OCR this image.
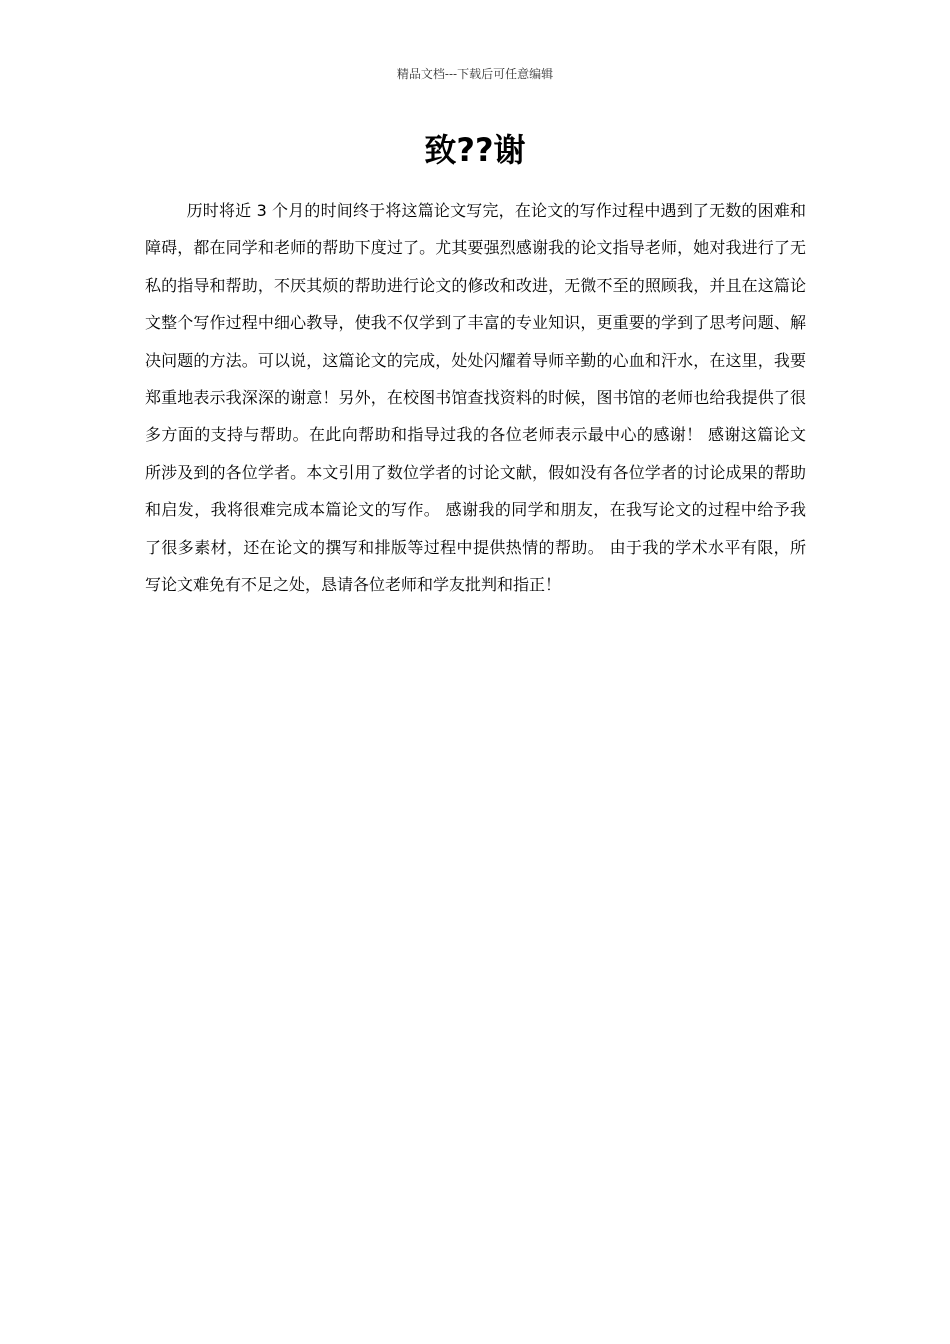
精品文档---下载后可任意编辑
致??谢

历时将近 3 个月的时间终于将这篇论文写完，在论文的写作过程中遇到了无数的困难和障碍，都在同学和老师的帮助下度过了。尤其要强烈感谢我的论文指导老师，她对我进行了无私的指导和帮助，不厌其烦的帮助进行论文的修改和改进，无微不至的照顾我，并且在这篇论文整个写作过程中细心教导，使我不仅学到了丰富的专业知识，更重要的学到了思考问题、解决问题的方法。可以说，这篇论文的完成，处处闪耀着导师辛勤的心血和汗水，在这里，我要郑重地表示我深深的谢意！另外，在校图书馆查找资料的时候，图书馆的老师也给我提供了很多方面的支持与帮助。在此向帮助和指导过我的各位老师表示最中心的感谢！ 感谢这篇论文所涉及到的各位学者。本文引用了数位学者的讨论文献，假如没有各位学者的讨论成果的帮助和启发，我将很难完成本篇论文的写作。 感谢我的同学和朋友，在我写论文的过程中给予我了很多素材，还在论文的撰写和排版等过程中提供热情的帮助。 由于我的学术水平有限，所写论文难免有不足之处，恳请各位老师和学友批判和指正！
